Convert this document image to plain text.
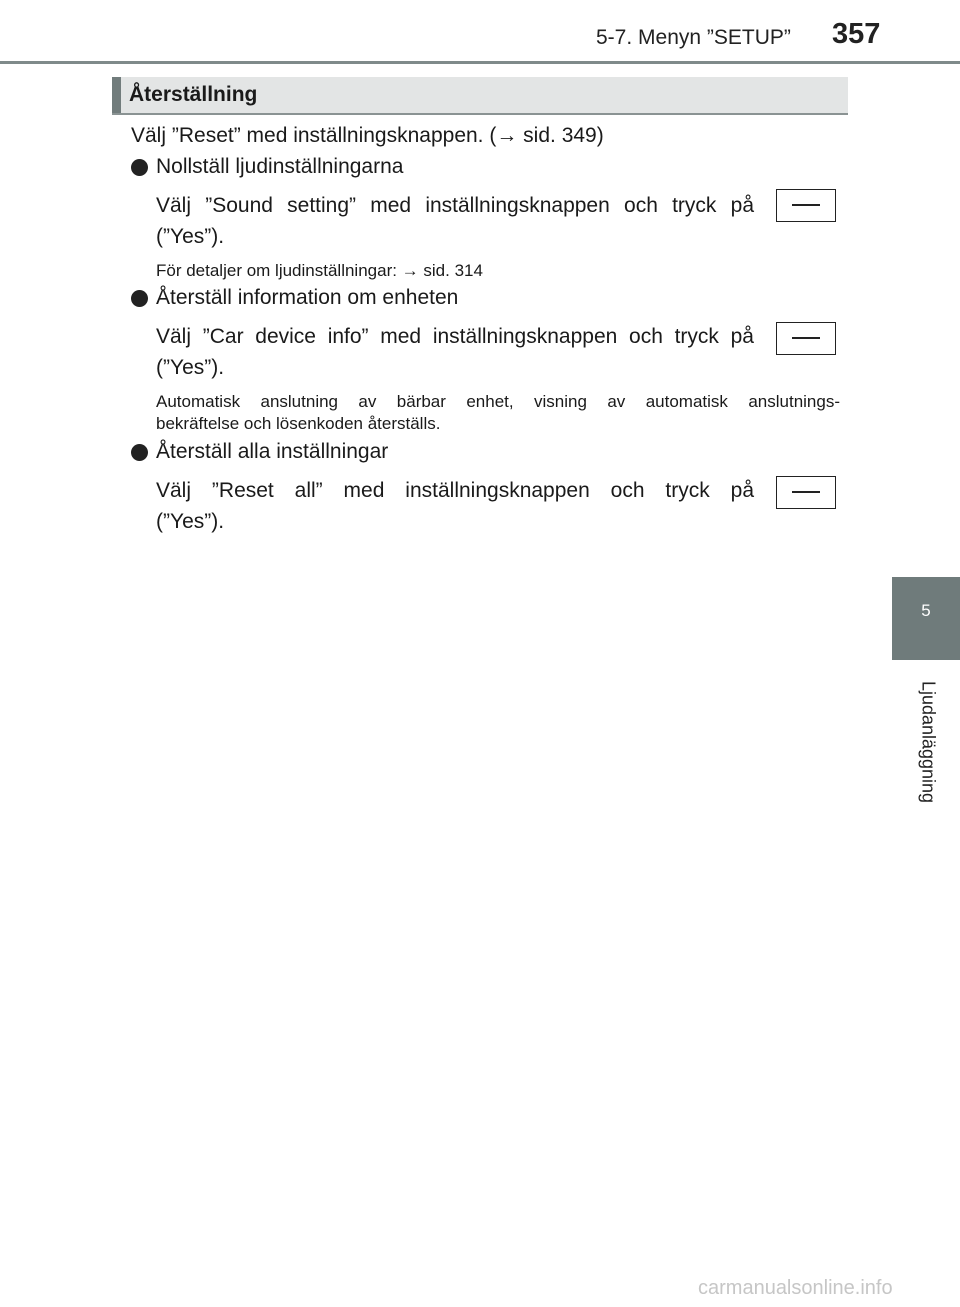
5-7. Menyn ”SETUP” 357
Återställning
Välj ”Reset” med inställningsknappen. (→ sid. 349)
Nollställ ljudinställningarna
Välj ”Sound setting” med inställningsknappen och tryck på
(”Yes”).
För detaljer om ljudinställningar: → sid. 314
Återställ information om enheten
Välj ”Car device info” med inställningsknappen och tryck på
(”Yes”).
Automatisk anslutning av bärbar enhet, visning av automatisk anslutnings-
bekräftelse och lösenkoden återställs.
Återställ alla inställningar
Välj ”Reset all” med inställningsknappen och tryck på
(”Yes”).
5
Ljudanläggning
carmanualsonline.info
